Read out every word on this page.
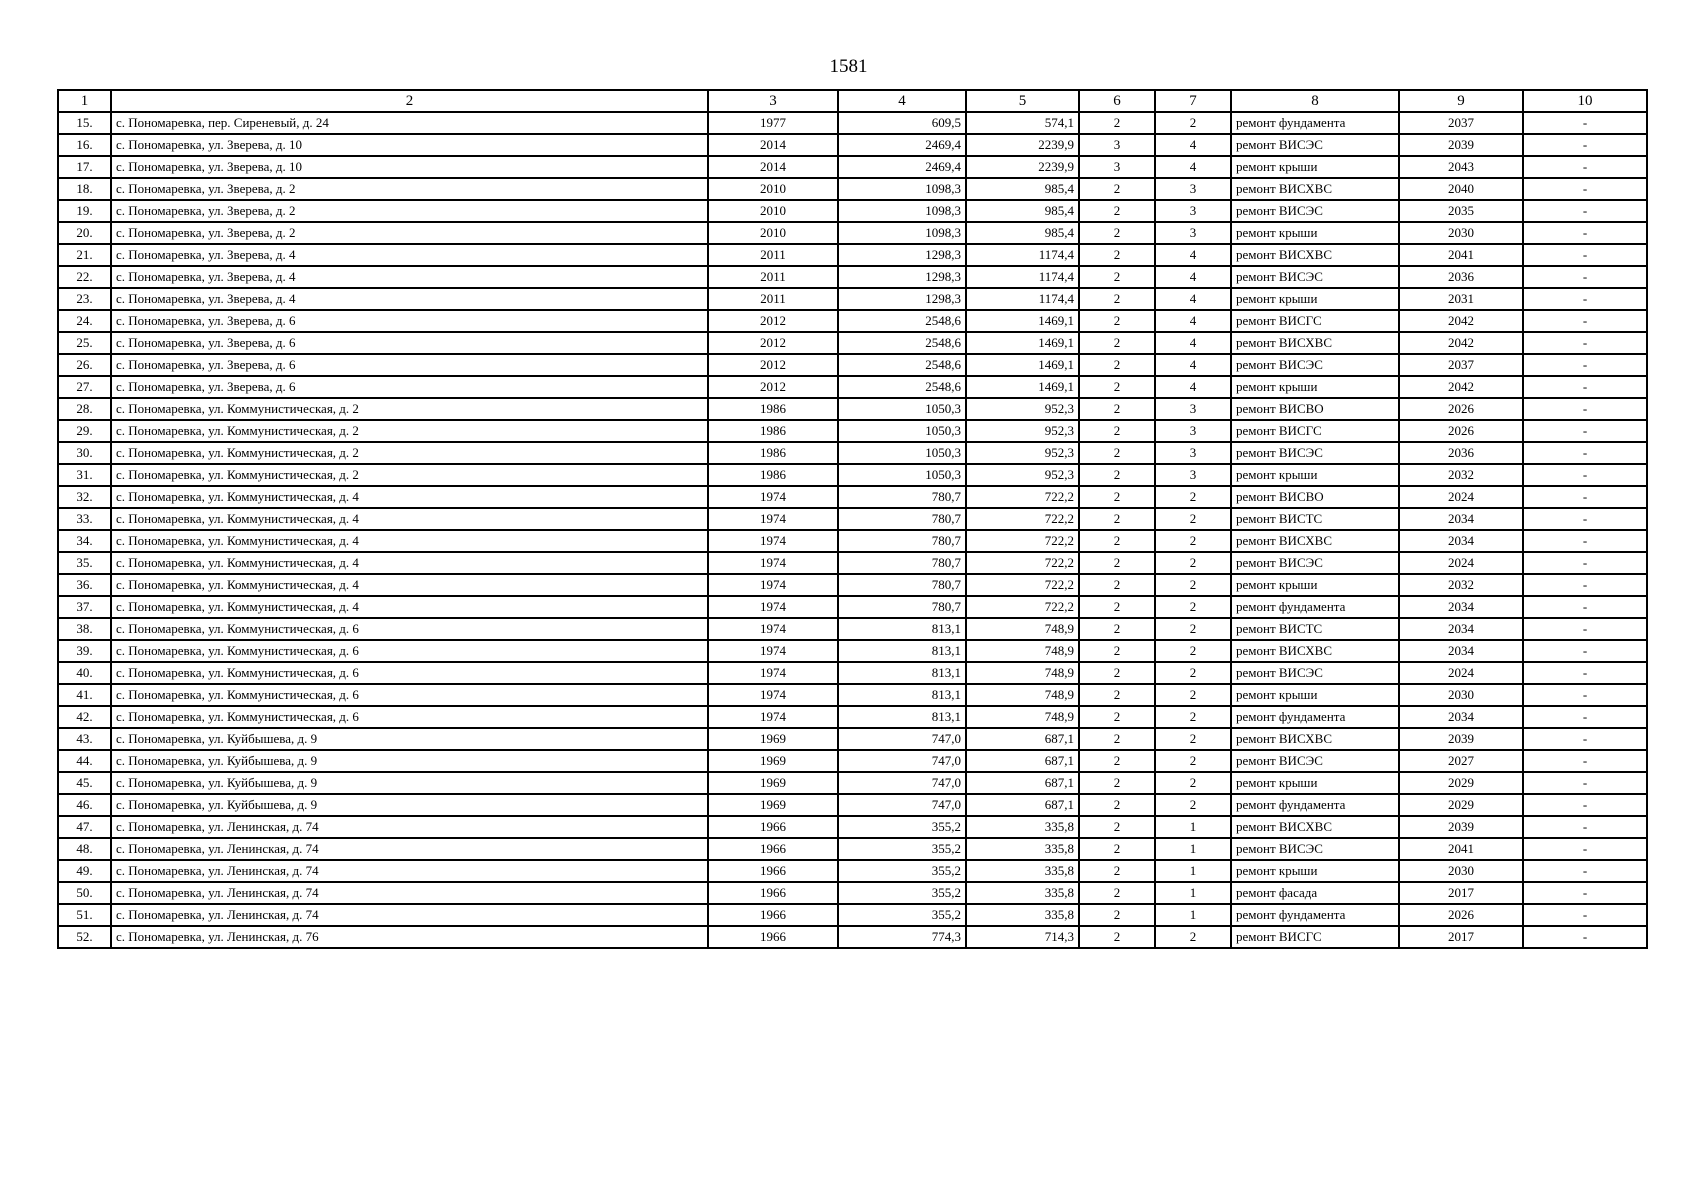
1581
1	2	3	4	5	6	7	8	9	10
15.	с. Пономаревка, пер. Сиреневый, д. 24	1977	609,5	574,1	2	2	ремонт фундамента	2037	-
16.	с. Пономаревка, ул. Зверева, д. 10	2014	2469,4	2239,9	3	4	ремонт ВИСЭС	2039	-
17.	с. Пономаревка, ул. Зверева, д. 10	2014	2469,4	2239,9	3	4	ремонт крыши	2043	-
18.	с. Пономаревка, ул. Зверева, д. 2	2010	1098,3	985,4	2	3	ремонт ВИСХВС	2040	-
19.	с. Пономаревка, ул. Зверева, д. 2	2010	1098,3	985,4	2	3	ремонт ВИСЭС	2035	-
20.	с. Пономаревка, ул. Зверева, д. 2	2010	1098,3	985,4	2	3	ремонт крыши	2030	-
21.	с. Пономаревка, ул. Зверева, д. 4	2011	1298,3	1174,4	2	4	ремонт ВИСХВС	2041	-
22.	с. Пономаревка, ул. Зверева, д. 4	2011	1298,3	1174,4	2	4	ремонт ВИСЭС	2036	-
23.	с. Пономаревка, ул. Зверева, д. 4	2011	1298,3	1174,4	2	4	ремонт крыши	2031	-
24.	с. Пономаревка, ул. Зверева, д. 6	2012	2548,6	1469,1	2	4	ремонт ВИСГС	2042	-
25.	с. Пономаревка, ул. Зверева, д. 6	2012	2548,6	1469,1	2	4	ремонт ВИСХВС	2042	-
26.	с. Пономаревка, ул. Зверева, д. 6	2012	2548,6	1469,1	2	4	ремонт ВИСЭС	2037	-
27.	с. Пономаревка, ул. Зверева, д. 6	2012	2548,6	1469,1	2	4	ремонт крыши	2042	-
28.	с. Пономаревка, ул. Коммунистическая, д. 2	1986	1050,3	952,3	2	3	ремонт ВИСВО	2026	-
29.	с. Пономаревка, ул. Коммунистическая, д. 2	1986	1050,3	952,3	2	3	ремонт ВИСГС	2026	-
30.	с. Пономаревка, ул. Коммунистическая, д. 2	1986	1050,3	952,3	2	3	ремонт ВИСЭС	2036	-
31.	с. Пономаревка, ул. Коммунистическая, д. 2	1986	1050,3	952,3	2	3	ремонт крыши	2032	-
32.	с. Пономаревка, ул. Коммунистическая, д. 4	1974	780,7	722,2	2	2	ремонт ВИСВО	2024	-
33.	с. Пономаревка, ул. Коммунистическая, д. 4	1974	780,7	722,2	2	2	ремонт ВИСТС	2034	-
34.	с. Пономаревка, ул. Коммунистическая, д. 4	1974	780,7	722,2	2	2	ремонт ВИСХВС	2034	-
35.	с. Пономаревка, ул. Коммунистическая, д. 4	1974	780,7	722,2	2	2	ремонт ВИСЭС	2024	-
36.	с. Пономаревка, ул. Коммунистическая, д. 4	1974	780,7	722,2	2	2	ремонт крыши	2032	-
37.	с. Пономаревка, ул. Коммунистическая, д. 4	1974	780,7	722,2	2	2	ремонт фундамента	2034	-
38.	с. Пономаревка, ул. Коммунистическая, д. 6	1974	813,1	748,9	2	2	ремонт ВИСТС	2034	-
39.	с. Пономаревка, ул. Коммунистическая, д. 6	1974	813,1	748,9	2	2	ремонт ВИСХВС	2034	-
40.	с. Пономаревка, ул. Коммунистическая, д. 6	1974	813,1	748,9	2	2	ремонт ВИСЭС	2024	-
41.	с. Пономаревка, ул. Коммунистическая, д. 6	1974	813,1	748,9	2	2	ремонт крыши	2030	-
42.	с. Пономаревка, ул. Коммунистическая, д. 6	1974	813,1	748,9	2	2	ремонт фундамента	2034	-
43.	с. Пономаревка, ул. Куйбышева, д. 9	1969	747,0	687,1	2	2	ремонт ВИСХВС	2039	-
44.	с. Пономаревка, ул. Куйбышева, д. 9	1969	747,0	687,1	2	2	ремонт ВИСЭС	2027	-
45.	с. Пономаревка, ул. Куйбышева, д. 9	1969	747,0	687,1	2	2	ремонт крыши	2029	-
46.	с. Пономаревка, ул. Куйбышева, д. 9	1969	747,0	687,1	2	2	ремонт фундамента	2029	-
47.	с. Пономаревка, ул. Ленинская, д. 74	1966	355,2	335,8	2	1	ремонт ВИСХВС	2039	-
48.	с. Пономаревка, ул. Ленинская, д. 74	1966	355,2	335,8	2	1	ремонт ВИСЭС	2041	-
49.	с. Пономаревка, ул. Ленинская, д. 74	1966	355,2	335,8	2	1	ремонт крыши	2030	-
50.	с. Пономаревка, ул. Ленинская, д. 74	1966	355,2	335,8	2	1	ремонт фасада	2017	-
51.	с. Пономаревка, ул. Ленинская, д. 74	1966	355,2	335,8	2	1	ремонт фундамента	2026	-
52.	с. Пономаревка, ул. Ленинская, д. 76	1966	774,3	714,3	2	2	ремонт ВИСГС	2017	-
